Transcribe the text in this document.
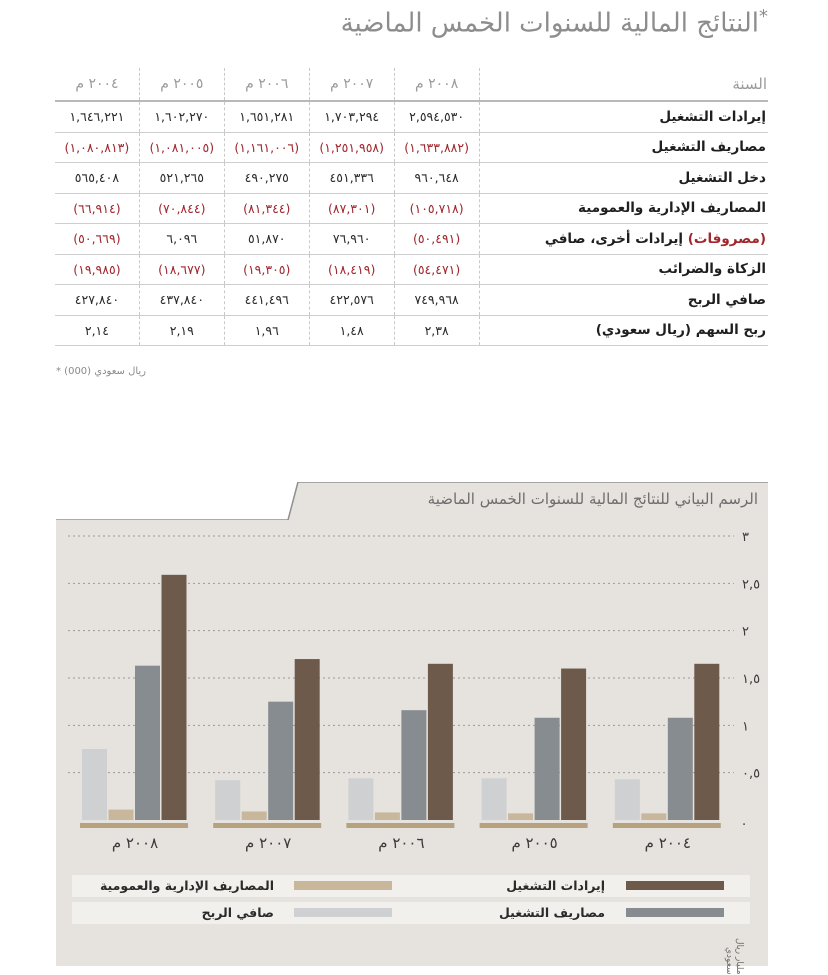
*النتائج المالية للسنوات الخمس الماضية
السنة	٢٠٠٨ م	٢٠٠٧ م	٢٠٠٦ م	٢٠٠٥ م	٢٠٠٤ م
إيرادات التشغيل	٢,٥٩٤,٥٣٠	١,٧٠٣,٢٩٤	١,٦٥١,٢٨١	١,٦٠٢,٢٧٠	١,٦٤٦,٢٢١
مصاريف التشغيل	(١,٦٣٣,٨٨٢)	(١,٢٥١,٩٥٨)	(١,١٦١,٠٠٦)	(١,٠٨١,٠٠٥)	(١,٠٨٠,٨١٣)
دخل التشغيل	٩٦٠,٦٤٨	٤٥١,٣٣٦	٤٩٠,٢٧٥	٥٢١,٢٦٥	٥٦٥,٤٠٨
المصاريف الإدارية والعمومية	(١٠٥,٧١٨)	(٨٧,٣٠١)	(٨١,٣٤٤)	(٧٠,٨٤٤)	(٦٦,٩١٤)
(مصروفات) إيرادات أخرى، صافي	(٥٠,٤٩١)	٧٦,٩٦٠	٥١,٨٧٠	٦,٠٩٦	(٥٠,٦٦٩)
الزكاة والضرائب	(٥٤,٤٧١)	(١٨,٤١٩)	(١٩,٣٠٥)	(١٨,٦٧٧)	(١٩,٩٨٥)
صافي الربح	٧٤٩,٩٦٨	٤٢٢,٥٧٦	٤٤١,٤٩٦	٤٣٧,٨٤٠	٤٢٧,٨٤٠
ربح السهم (ريال سعودي)	٢,٣٨	١,٤٨	١,٩٦	٢,١٩	٢,١٤
* (000) ريال سعودي
الرسم البياني للنتائج المالية للسنوات الخمس الماضية
٠,٥
١
١,٥
٢
٢,٥
٣
.
٢٠٠٨ م	٢٠٠٧ م	٢٠٠٦ م	٢٠٠٥ م	٢٠٠٤ م
مليار ريال سعودي
إيرادات التشغيل
المصاريف الإدارية والعمومية
مصاريف التشغيل
صافي الربح
